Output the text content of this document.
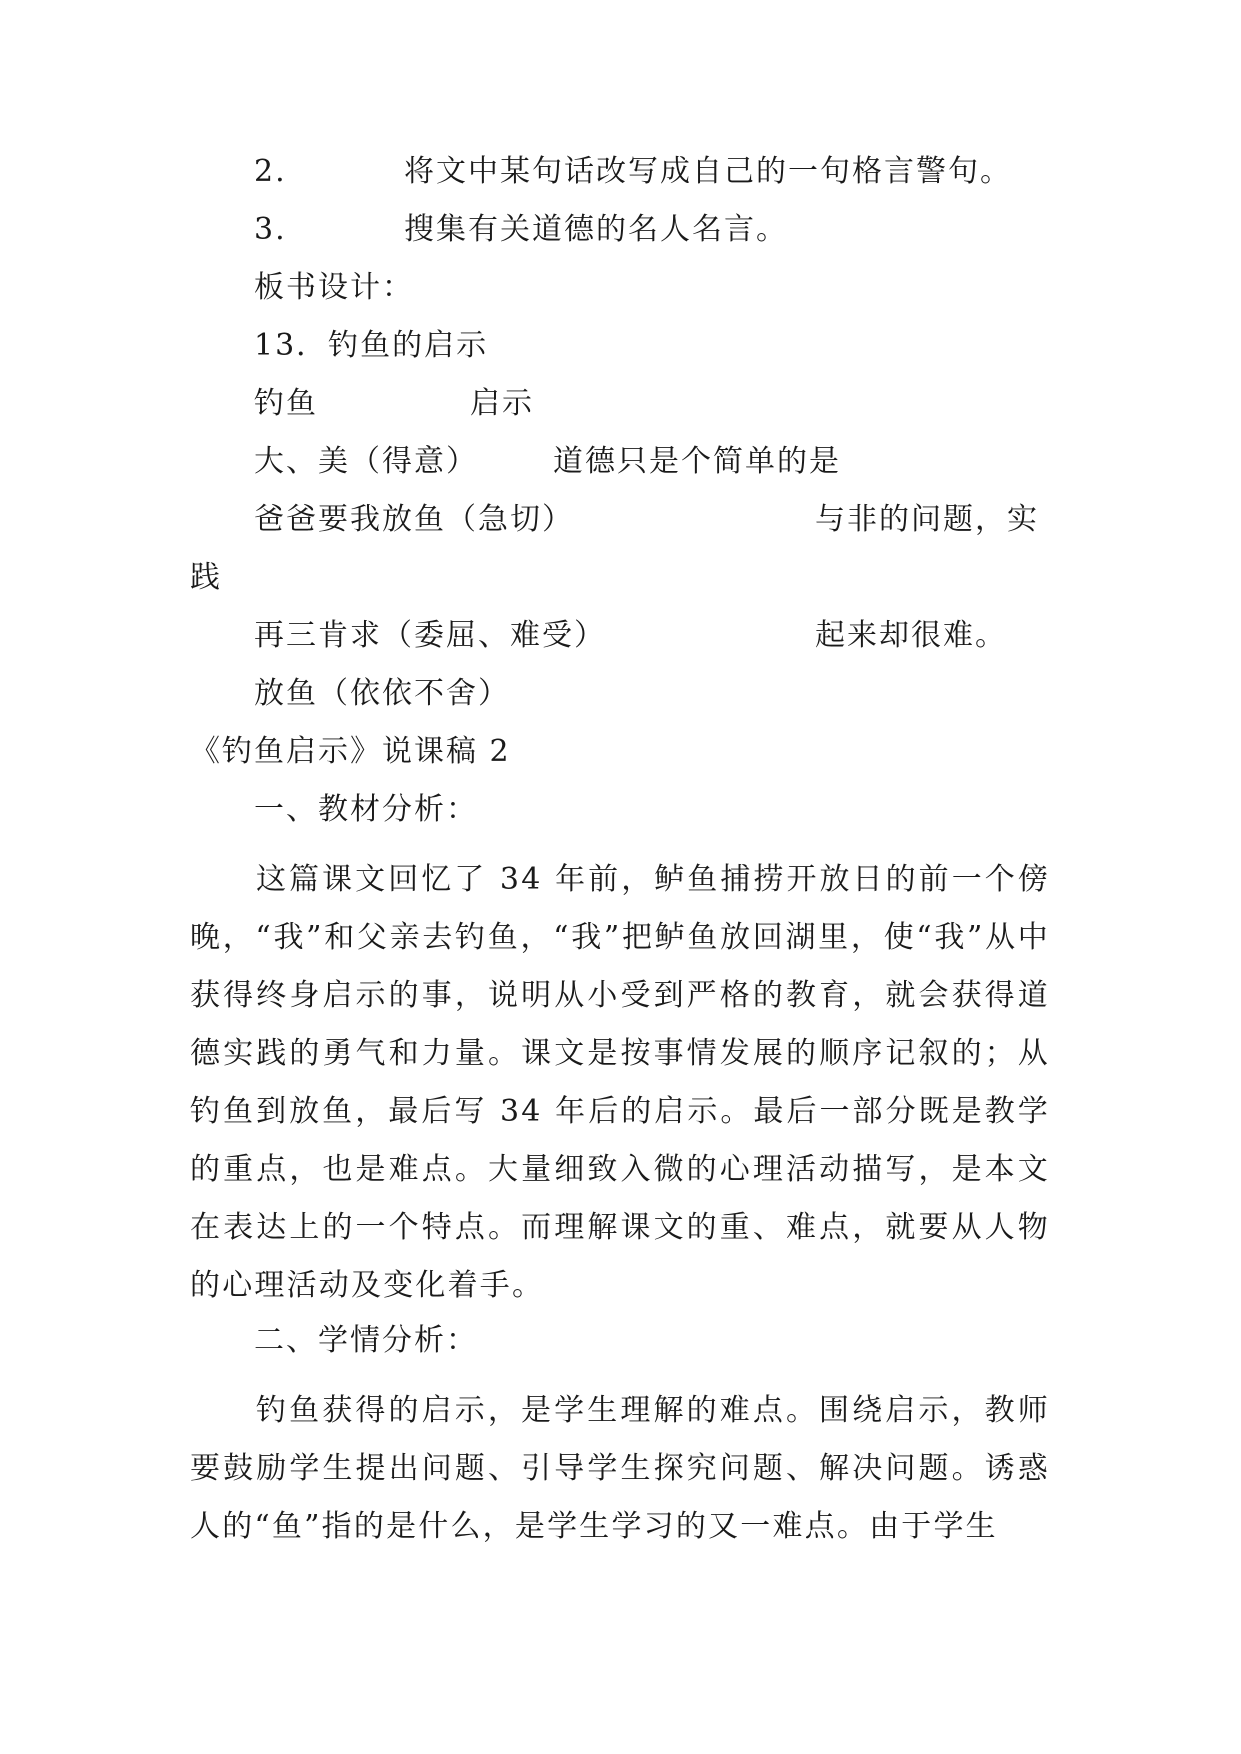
2.	将文中某句话改写成自己的一句格言警句。
3.	搜集有关道德的名人名言。
板书设计：
13．钓鱼的启示
钓鱼	启示
大、美（得意）	道德只是个简单的是
爸爸要我放鱼（急切）	与非的问题，实
践
再三肯求（委屈、难受）	起来却很难。
放鱼（依依不舍）
《钓鱼启示》说课稿 2
一、教材分析：
这篇课文回忆了 34 年前，鲈鱼捕捞开放日的前一个傍晚，“我”和父亲去钓鱼，“我”把鲈鱼放回湖里，使“我”从中获得终身启示的事，说明从小受到严格的教育，就会获得道德实践的勇气和力量。课文是按事情发展的顺序记叙的；从钓鱼到放鱼，最后写 34 年后的启示。最后一部分既是教学的重点，也是难点。大量细致入微的心理活动描写，是本文在表达上的一个特点。而理解课文的重、难点，就要从人物的心理活动及变化着手。
二、学情分析：
钓鱼获得的启示，是学生理解的难点。围绕启示，教师要鼓励学生提出问题、引导学生探究问题、解决问题。诱惑人的“鱼”指的是什么，是学生学习的又一难点。由于学生
